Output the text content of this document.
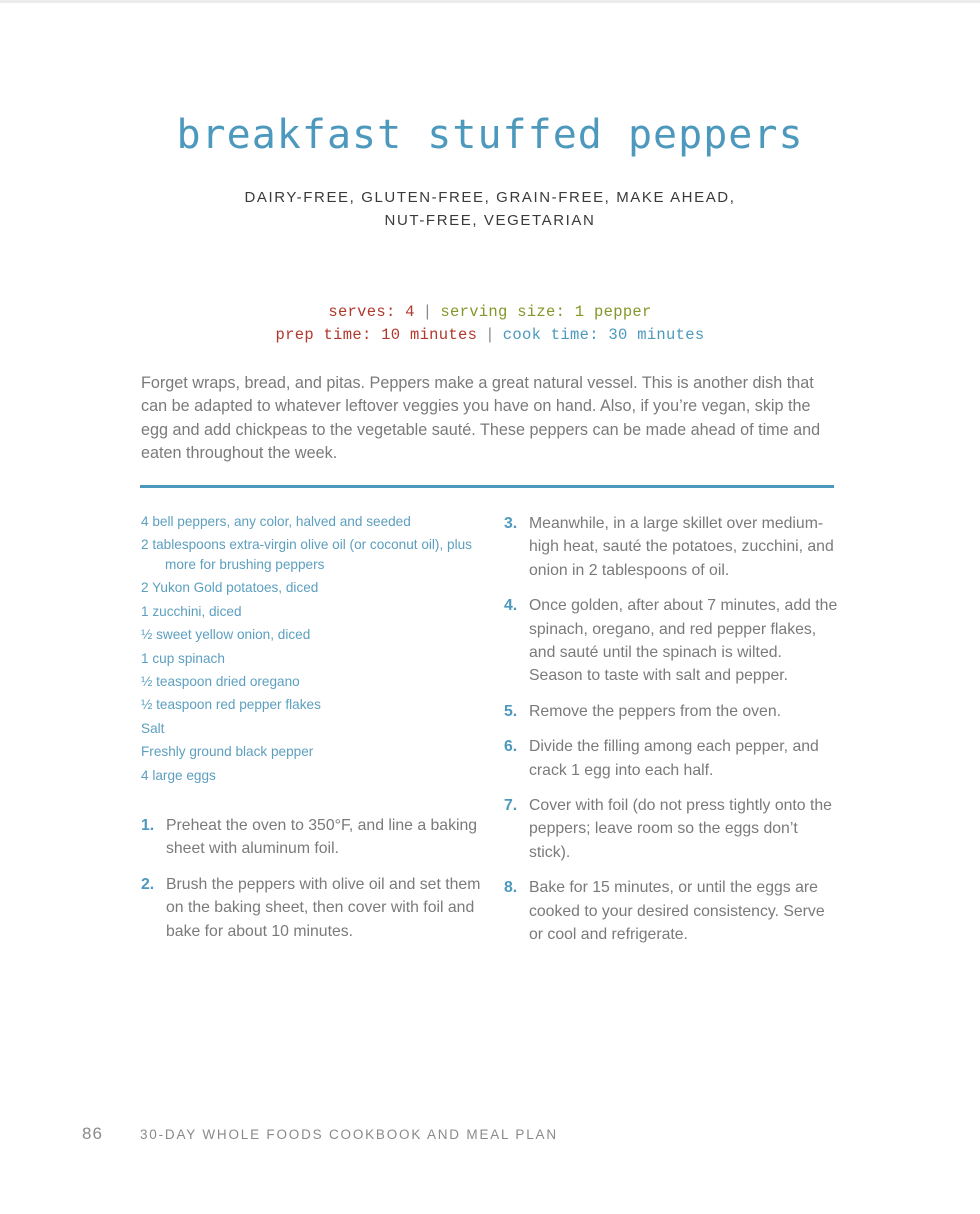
breakfast stuffed peppers
DAIRY-FREE, GLUTEN-FREE, GRAIN-FREE, MAKE AHEAD,
NUT-FREE, VEGETARIAN
serves: 4 | serving size: 1 pepper
prep time: 10 minutes | cook time: 30 minutes

Forget wraps, bread, and pitas. Peppers make a great natural vessel. This is another dish that can be adapted to whatever leftover veggies you have on hand. Also, if you’re vegan, skip the egg and add chickpeas to the vegetable sauté. These peppers can be made ahead of time and eaten throughout the week.

4 bell peppers, any color, halved and seeded
2 tablespoons extra-virgin olive oil (or coconut oil), plus more for brushing peppers
2 Yukon Gold potatoes, diced
1 zucchini, diced
½ sweet yellow onion, diced
1 cup spinach
½ teaspoon dried oregano
½ teaspoon red pepper flakes
Salt
Freshly ground black pepper
4 large eggs
1. Preheat the oven to 350°F, and line a baking sheet with aluminum foil.
2. Brush the peppers with olive oil and set them on the baking sheet, then cover with foil and bake for about 10 minutes.
3. Meanwhile, in a large skillet over medium-high heat, sauté the potatoes, zucchini, and onion in 2 tablespoons of oil.
4. Once golden, after about 7 minutes, add the spinach, oregano, and red pepper flakes, and sauté until the spinach is wilted. Season to taste with salt and pepper.
5. Remove the peppers from the oven.
6. Divide the filling among each pepper, and crack 1 egg into each half.
7. Cover with foil (do not press tightly onto the peppers; leave room so the eggs don’t stick).
8. Bake for 15 minutes, or until the eggs are cooked to your desired consistency. Serve or cool and refrigerate.
86	30-DAY WHOLE FOODS COOKBOOK AND MEAL PLAN
